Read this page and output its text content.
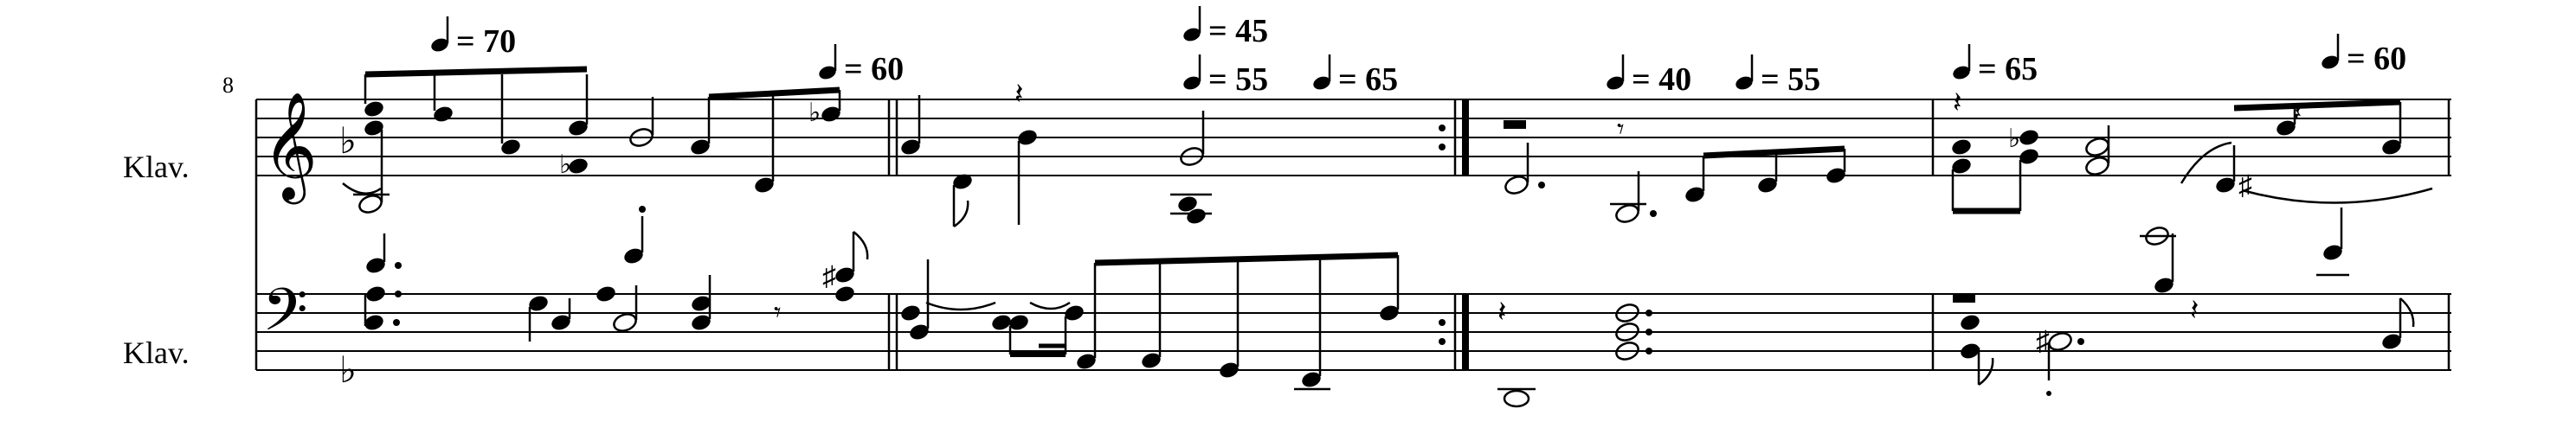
8
Klav.
Klav.
𝄞
𝄢
♭
♭
= 70
= 60
= 45
= 55 = 65	= 40 = 55	= 65	= 60
♭
♭
𝄽
𝄾
𝄽
♭
♯
𝄽
♯
𝄾	𝄽
♯
𝄽
